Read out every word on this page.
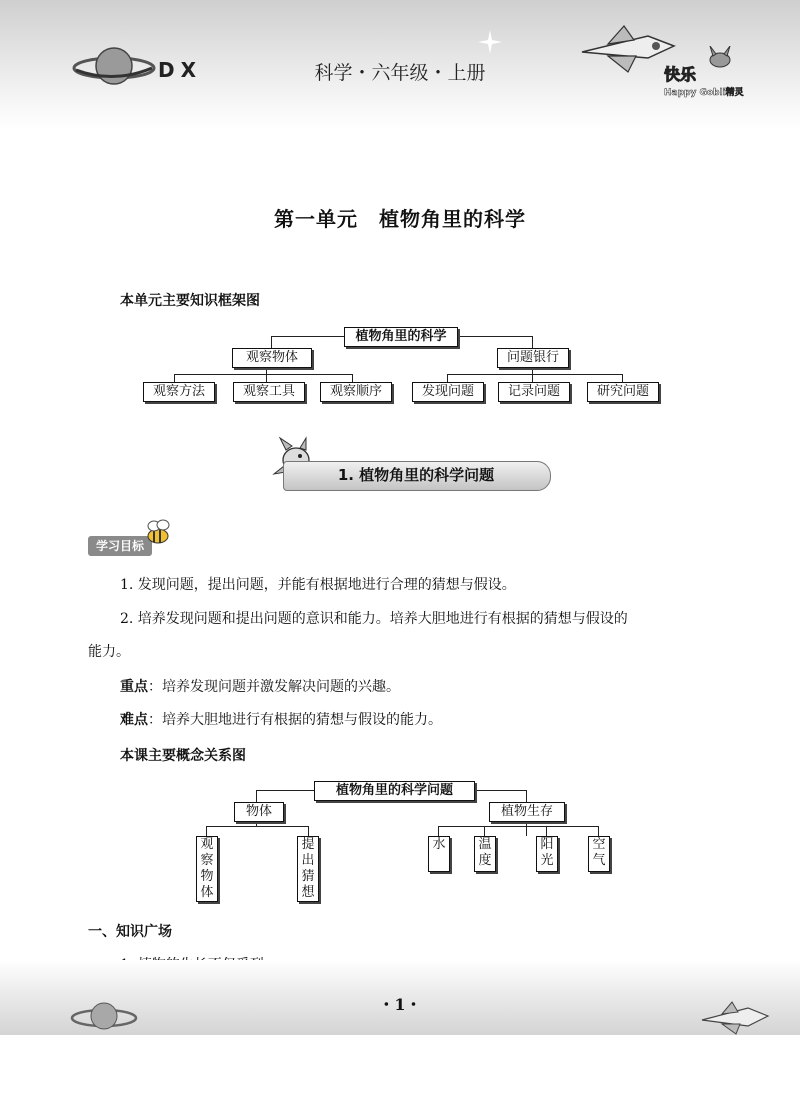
DX	科学・六年级・上册	快乐
Happy Gobli精灵
第一单元　植物角里的科学
本单元主要知识框架图
植物角里的科学
观察物体	问题银行
观察方法	观察工具	观察顺序	发现问题	记录问题	研究问题
1. 植物角里的科学问题
学习目标
1. 发现问题，提出问题，并能有根据地进行合理的猜想与假设。
2. 培养发现问题和提出问题的意识和能力。培养大胆地进行有根据的猜想与假设的
能力。
重点：培养发现问题并激发解决问题的兴趣。
难点：培养大胆地进行有根据的猜想与假设的能力。
本课主要概念关系图
植物角里的科学问题
物体	植物生存
观察物体
提出猜想
水	温度
阳光
空气
一、知识广场
・1・
